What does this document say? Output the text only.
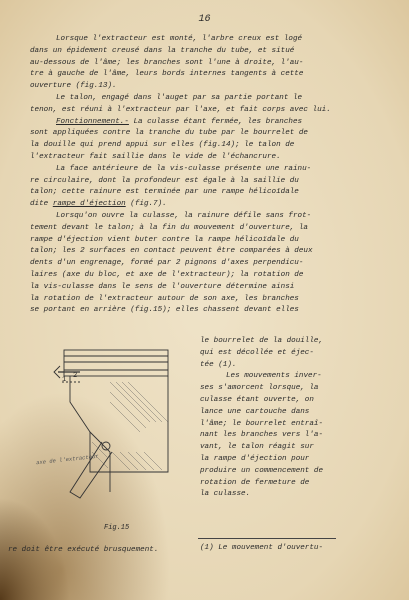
16

Lorsque l'extracteur est monté, l'arbre creux est logé
dans un épidement creusé dans la tranche du tube, et situé
au-dessous de l'âme; les branches sont l'une à droite, l'au-
tre à gauche de l'âme, leurs bords internes tangents à cette
ouverture (fig.13).

Le talon, engagé dans l'auget par sa partie portant le
tenon, est réuni à l'extracteur par l'axe, et fait corps avec lui.

Fonctionnement.- La culasse étant fermée, les branches
sont appliquées contre la tranche du tube par le bourrelet de
la douille qui prend appui sur elles (fig.14); le talon de
l'extracteur fait saillie dans le vide de l'échancrure.

La face antérieure de la vis-culasse présente une rainu-
re circulaire, dont la profondeur est égale à la saillie du
talon; cette rainure est terminée par une rampe hélicoïdale
dite rampe d'éjection (fig.7).

Lorsqu'on ouvre la culasse, la rainure défile sans frot-
tement devant le talon; à la fin du mouvement d'ouverture, la
rampe d'éjection vient buter contre la rampe hélicoïdale du
talon; les 2 surfaces en contact peuvent être comparées à deux
dents d'un engrenage, formé par 2 pignons d'axes perpendicu-
laires (axe du bloc, et axe de l'extracteur); la rotation de
la vis-culasse dans le sens de l'ouverture détermine ainsi
la rotation de l'extracteur autour de son axe, les branches
se portant en arrière (fig.15); elles chassent devant elles

1 2
axe de l'extracteur
Fig.15
le bourrelet de la douille,
qui est décollée et éjec-
tée (1).
Les mouvements inver-
ses s'amorcent lorsque, la
culasse étant ouverte, on
lance une cartouche dans
l'âme; le bourrelet entraî-
nant les branches vers l'a-
vant, le talon réagit sur
la rampe d'éjection pour
produire un commencement de
rotation de fermeture de
la culasse.
re doit être exécuté brusquement.	(1) Le mouvement d'ouvertu-
